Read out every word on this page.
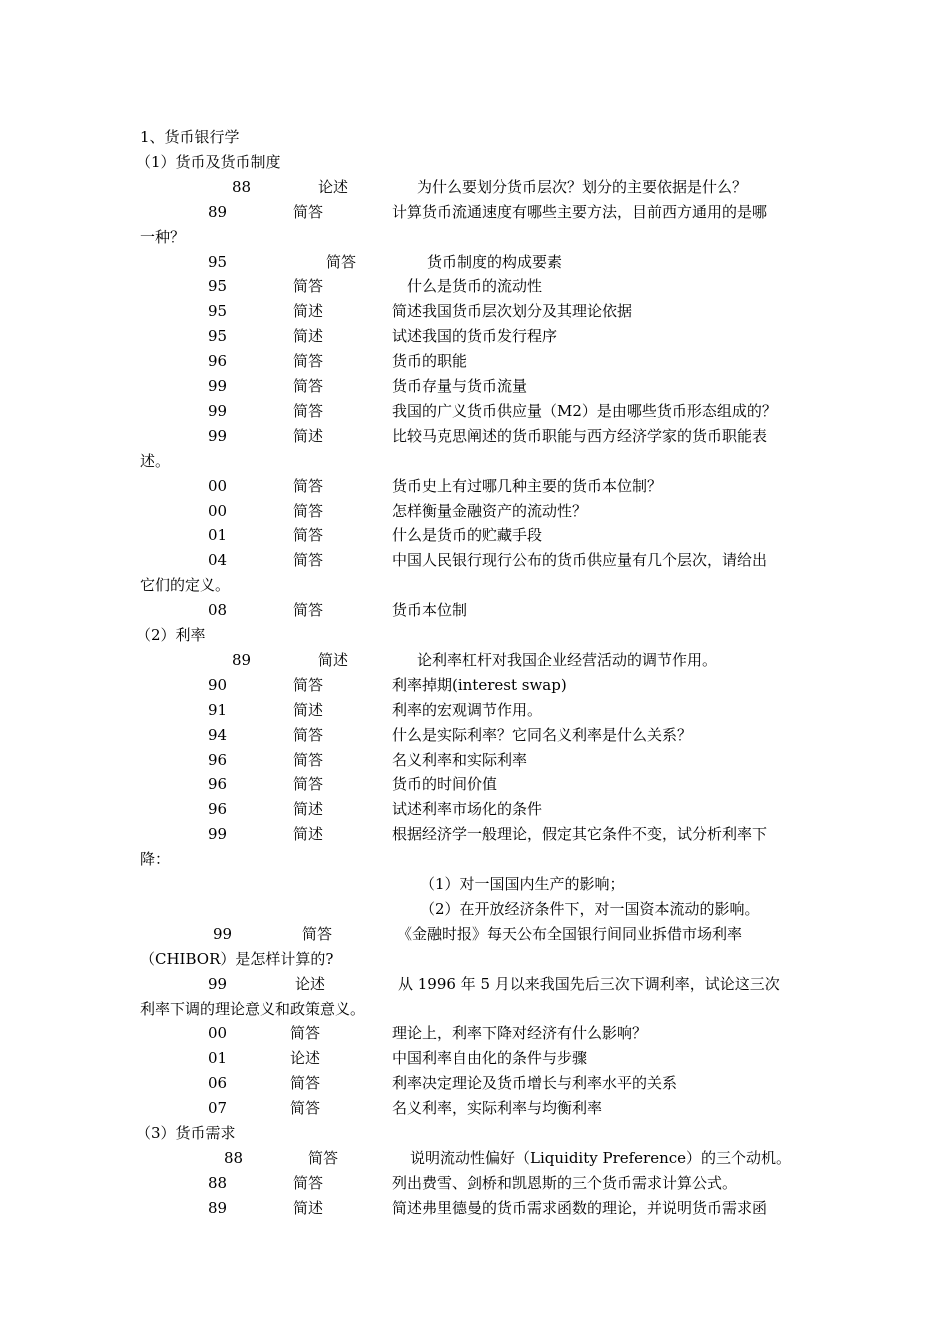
1、货币银行学
（1）货币及货币制度
88	论述	为什么要划分货币层次？划分的主要依据是什么？
89	简答	计算货币流通速度有哪些主要方法，目前西方通用的是哪
一种？
95	简答	货币制度的构成要素
95	简答	什么是货币的流动性
95	简述	简述我国货币层次划分及其理论依据
95	简述	试述我国的货币发行程序
96	简答	货币的职能
99	简答	货币存量与货币流量
99	简答	我国的广义货币供应量（M2）是由哪些货币形态组成的？
99	简述	比较马克思阐述的货币职能与西方经济学家的货币职能表
述。
00	简答	货币史上有过哪几种主要的货币本位制？
00	简答	怎样衡量金融资产的流动性？
01	简答	什么是货币的贮藏手段
04	简答	中国人民银行现行公布的货币供应量有几个层次，请给出
它们的定义。
08	简答	货币本位制
（2）利率
89	简述	论利率杠杆对我国企业经营活动的调节作用。
90	简答	利率掉期(interest swap)
91	简述	利率的宏观调节作用。
94	简答	什么是实际利率？它同名义利率是什么关系？
96	简答	名义利率和实际利率
96	简答	货币的时间价值
96	简述	试述利率市场化的条件
99	简述	根据经济学一般理论，假定其它条件不变，试分析利率下
降：
（1）对一国国内生产的影响；
（2）在开放经济条件下，对一国资本流动的影响。
99	简答	《金融时报》每天公布全国银行间同业拆借市场利率
（CHIBOR）是怎样计算的?
99	论述	从 1996 年 5 月以来我国先后三次下调利率，试论这三次
利率下调的理论意义和政策意义。
00	简答	理论上，利率下降对经济有什么影响？
01	论述	中国利率自由化的条件与步骤
06	简答	利率决定理论及货币增长与利率水平的关系
07	简答	名义利率，实际利率与均衡利率
（3）货币需求
88	简答	说明流动性偏好（Liquidity Preference）的三个动机。
88	简答	列出费雪、剑桥和凯恩斯的三个货币需求计算公式。
89	简述	简述弗里德曼的货币需求函数的理论，并说明货币需求函
